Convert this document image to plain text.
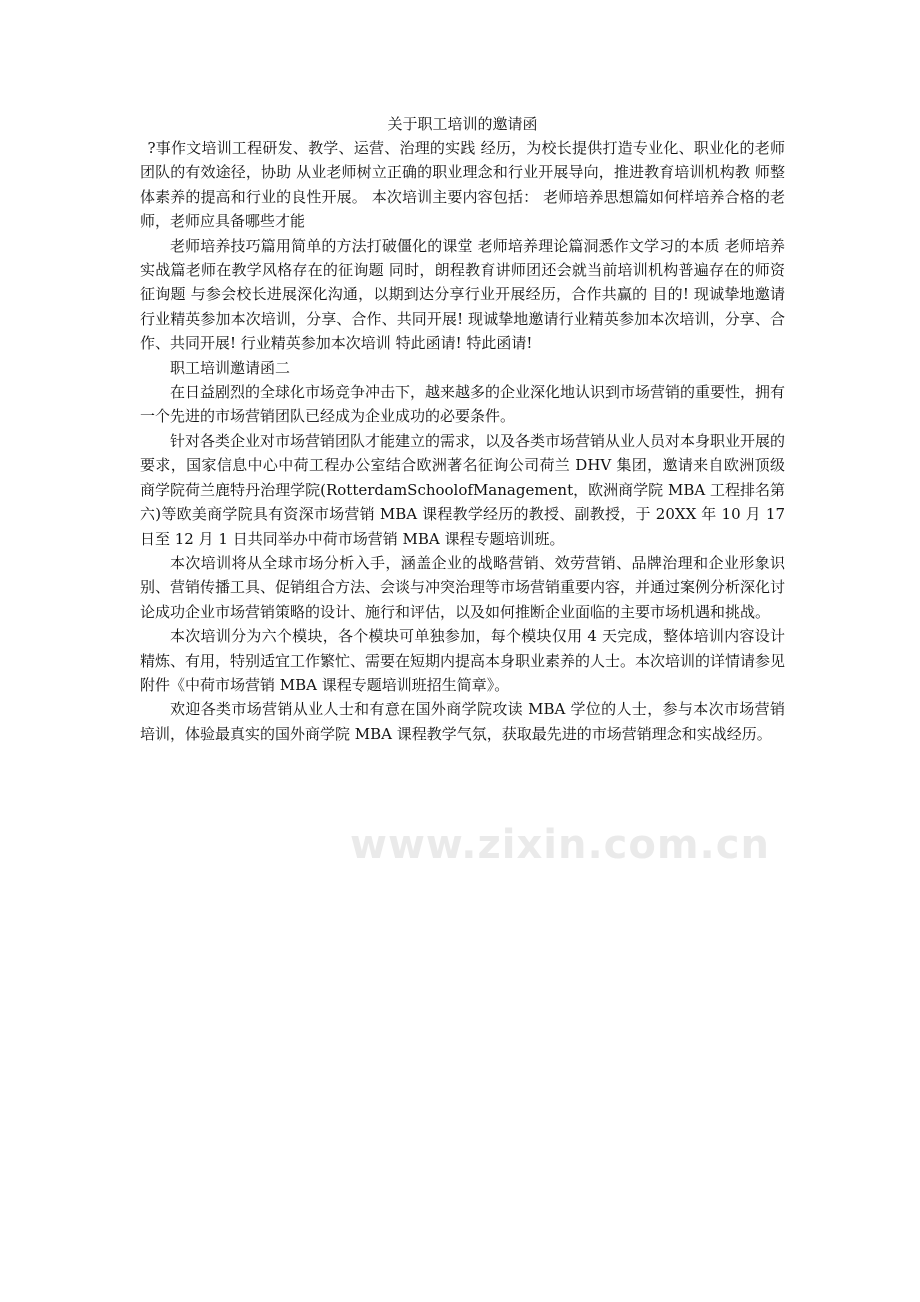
关于职工培训的邀请函

?事作文培训工程研发、教学、运营、治理的实践 经历，为校长提供打造专业化、职业化的老师团队的有效途径，协助 从业老师树立正确的职业理念和行业开展导向，推进教育培训机构教 师整体素养的提高和行业的良性开展。 本次培训主要内容包括： 老师培养思想篇如何样培养合格的老师，老师应具备哪些才能

老师培养技巧篇用简单的方法打破僵化的课堂 老师培养理论篇洞悉作文学习的本质 老师培养实战篇老师在教学风格存在的征询题 同时，朗程教育讲师团还会就当前培训机构普遍存在的师资征询题 与参会校长进展深化沟通，以期到达分享行业开展经历，合作共赢的 目的! 现诚挚地邀请行业精英参加本次培训，分享、合作、共同开展! 现诚挚地邀请行业精英参加本次培训，分享、合作、共同开展! 行业精英参加本次培训 特此函请! 特此函请!

职工培训邀请函二

在日益剧烈的全球化市场竞争冲击下，越来越多的企业深化地认识到市场营销的重要性，拥有一个先进的市场营销团队已经成为企业成功的必要条件。

针对各类企业对市场营销团队才能建立的需求，以及各类市场营销从业人员对本身职业开展的要求，国家信息中心中荷工程办公室结合欧洲著名征询公司荷兰 DHV 集团，邀请来自欧洲顶级商学院荷兰鹿特丹治理学院(RotterdamSchoolofManagement，欧洲商学院 MBA 工程排名第六)等欧美商学院具有资深市场营销 MBA 课程教学经历的教授、副教授，于 20XX 年 10 月 17 日至 12 月 1 日共同举办中荷市场营销 MBA 课程专题培训班。

本次培训将从全球市场分析入手，涵盖企业的战略营销、效劳营销、品牌治理和企业形象识别、营销传播工具、促销组合方法、会谈与冲突治理等市场营销重要内容，并通过案例分析深化讨论成功企业市场营销策略的设计、施行和评估，以及如何推断企业面临的主要市场机遇和挑战。

本次培训分为六个模块，各个模块可单独参加，每个模块仅用 4 天完成，整体培训内容设计精炼、有用，特别适宜工作繁忙、需要在短期内提高本身职业素养的人士。本次培训的详情请参见附件《中荷市场营销 MBA 课程专题培训班招生简章》。

欢迎各类市场营销从业人士和有意在国外商学院攻读 MBA 学位的人士，参与本次市场营销培训，体验最真实的国外商学院 MBA 课程教学气氛，获取最先进的市场营销理念和实战经历。

www.zixin.com.cn
